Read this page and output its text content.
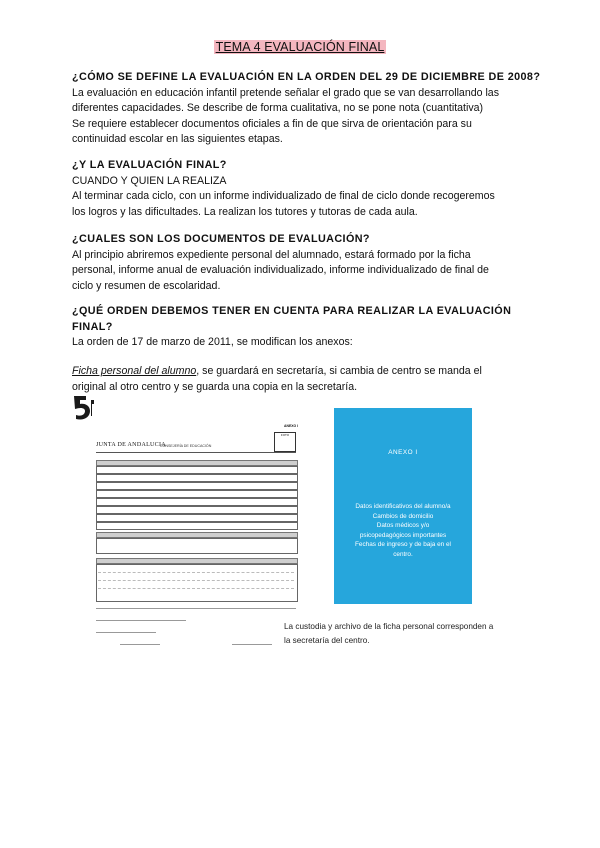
TEMA 4 EVALUACIÓN FINAL
¿CÓMO SE DEFINE LA EVALUACIÓN EN LA ORDEN DEL 29 DE DICIEMBRE DE 2008?
La evaluación en educación infantil pretende señalar el grado que se van desarrollando las
diferentes capacidades. Se describe de forma cualitativa, no se pone nota (cuantitativa)
Se requiere establecer documentos oficiales a fin de que sirva de orientación para su
continuidad escolar en las siguientes etapas.
¿Y LA EVALUACIÓN FINAL?
CUANDO Y QUIEN LA REALIZA
Al terminar cada ciclo, con un informe individualizado de final de ciclo donde recogeremos
los logros y las dificultades. La realizan los tutores y tutoras de cada aula.
¿CUALES SON LOS DOCUMENTOS DE EVALUACIÓN?
Al principio abriremos expediente personal del alumnado, estará formado por la ficha
personal, informe anual de evaluación individualizado, informe individualizado de final de
ciclo y resumen de escolaridad.
¿QUÉ ORDEN DEBEMOS TENER EN CUENTA PARA REALIZAR LA EVALUACIÓN
FINAL?
La orden de 17 de marzo de 2011, se modifican los anexos:
Ficha personal del alumno, se guardará en secretaría, si cambia de centro se manda el
original al otro centro y se guarda una copia en la secretaría.
ANEXO I
FOTO
JUNTA DE ANDALUCIA
CONSEJERÍA DE EDUCACIÓN
ANEXO I
Datos identificativos del alumno/a
Cambios de domicilio
Datos médicos y/o
psicopedagógicos importantes
Fechas de ingreso y de baja en el
centro.
La custodia y archivo de la ficha personal corresponden a
la secretaría del centro.
